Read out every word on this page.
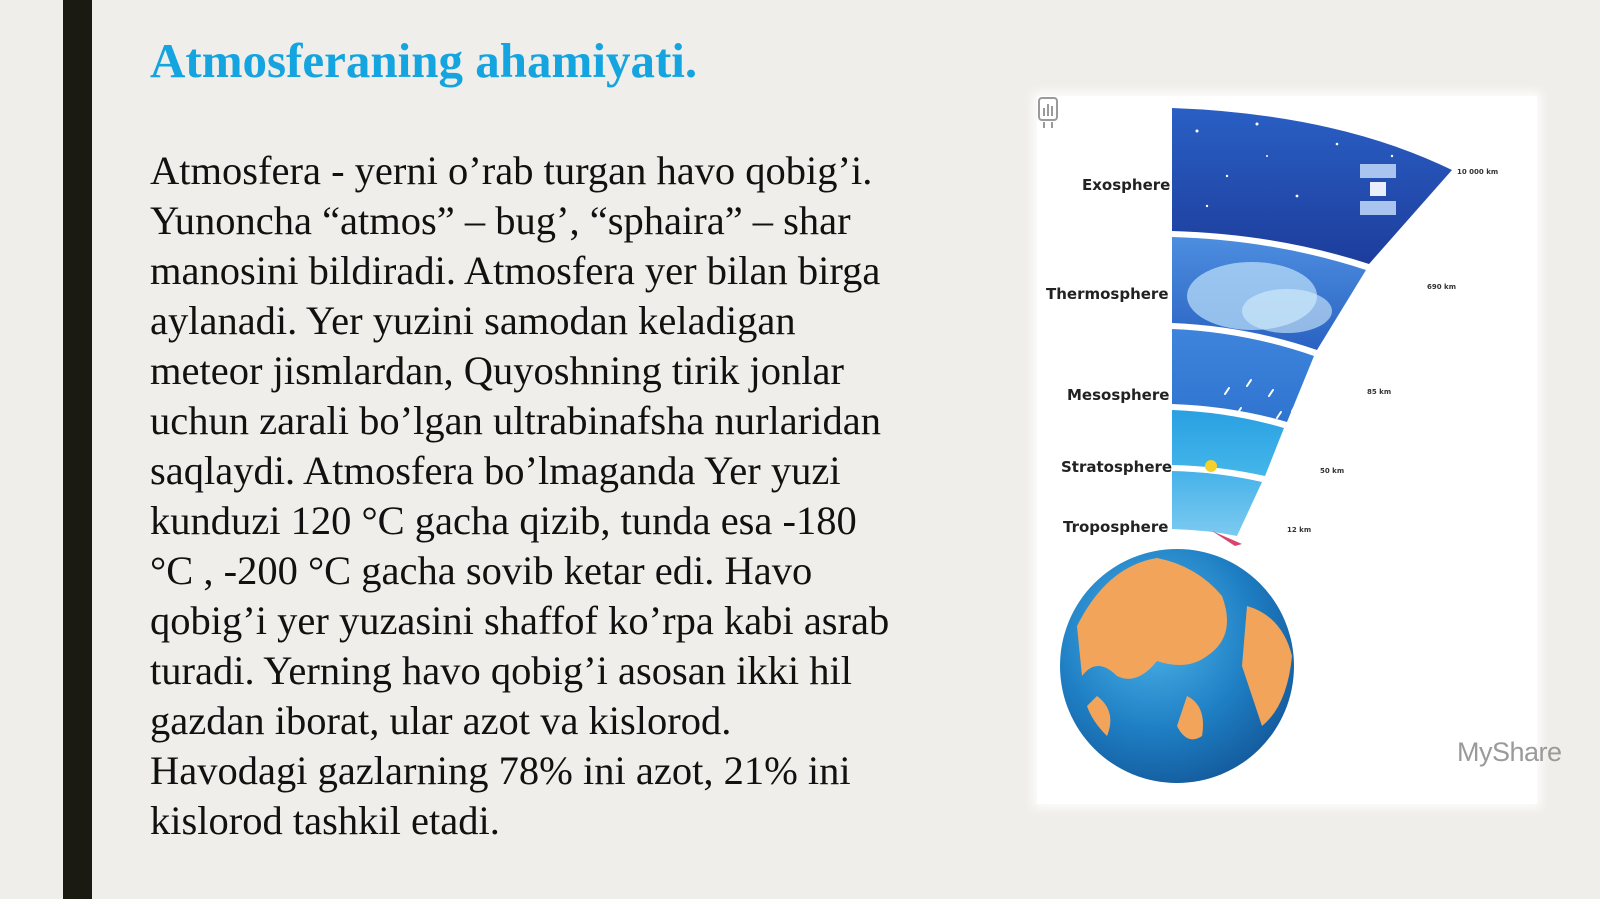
Atmosferaning ahamiyati.

Atmosfera - yerni o’rab turgan havo qobig’i.
Yunoncha “atmos” – bug’, “sphaira” – shar
manosini bildiradi. Atmosfera yer bilan birga
aylanadi. Yer yuzini samodan keladigan
meteor jismlardan, Quyoshning tirik jonlar
uchun zarali bo’lgan ultrabinafsha nurlaridan
saqlaydi. Atmosfera bo’lmaganda Yer yuzi
kunduzi 120 °C gacha qizib, tunda esa -180
°C , -200 °C gacha sovib ketar edi. Havo
qobig’i yer yuzasini shaffof ko’rpa kabi asrab
turadi. Yerning havo qobig’i asosan ikki hil
gazdan iborat, ular azot va kislorod.
Havodagi gazlarning 78% ini azot, 21% ini
kislorod tashkil etadi.

Exosphere
Thermosphere
Mesosphere
Stratosphere
Troposphere
10 000 km
690 km
85 km
50 km
12 km
MyShare
